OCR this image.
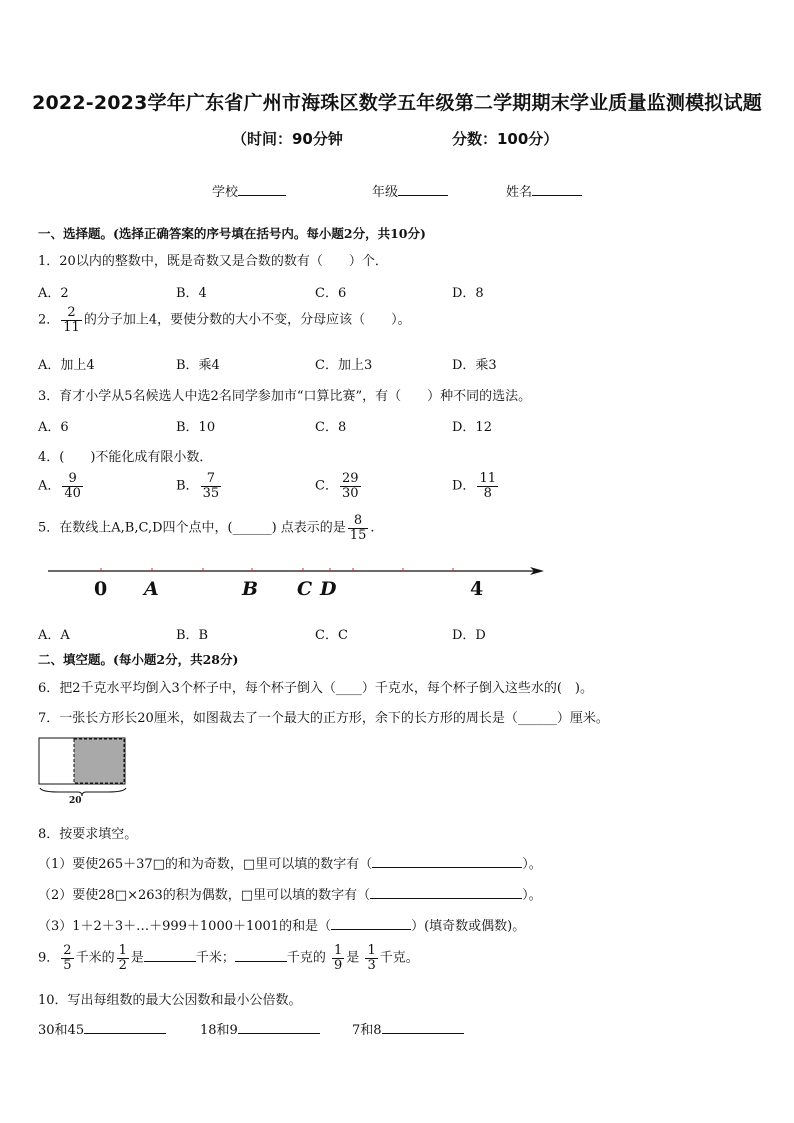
2022-2023学年广东省广州市海珠区数学五年级第二学期期末学业质量监测模拟试题
（时间：90分钟	分数：100分）
学校	年级	姓名
一、选择题。(选择正确答案的序号填在括号内。每小题2分，共10分)
1．20以内的整数中，既是奇数又是合数的数有（　　）个．
A．2	B．4	C．6	D．8
2． $\frac{2}{11}$ 的分子加上4，要使分数的大小不变，分母应该（　　）。
A．加上4	B．乘4	C．加上3	D．乘3
3．育才小学从5名候选人中选2名同学参加市“口算比赛”，有（　　）种不同的选法。
A．6	B．10	C．8	D．12
4．(　　)不能化成有限小数．
A． $\frac{9}{40}$	B． $\frac{7}{35}$	C． $\frac{29}{30}$	D． $\frac{11}{8}$
5．在数线上A,B,C,D四个点中，(______) 点表示的是 $\frac{8}{15}$ .
0 A	B C D	4
A．A	B．B	C．C	D．D
二、填空题。(每小题2分，共28分)
6．把2千克水平均倒入3个杯子中，每个杯子倒入（____）千克水，每个杯子倒入这些水的(　)。
7．一张长方形长20厘米，如图裁去了一个最大的正方形，余下的长方形的周长是（______）厘米。
20
8．按要求填空。
（1）要使265＋37□的和为奇数，□里可以填的数字有（	）。
（2）要使28□×263的积为偶数，□里可以填的数字有（	）。
（3）1＋2＋3＋…＋999＋1000＋1001的和是（	）(填奇数或偶数)。
9． $\frac{2}{5}$ 千米的 $\frac{1}{2}$ 是	千米；	千克的 $\frac{1}{9}$ 是 $\frac{1}{3}$ 千克。
10．写出每组数的最大公因数和最小公倍数。
30和45	18和9	7和8
